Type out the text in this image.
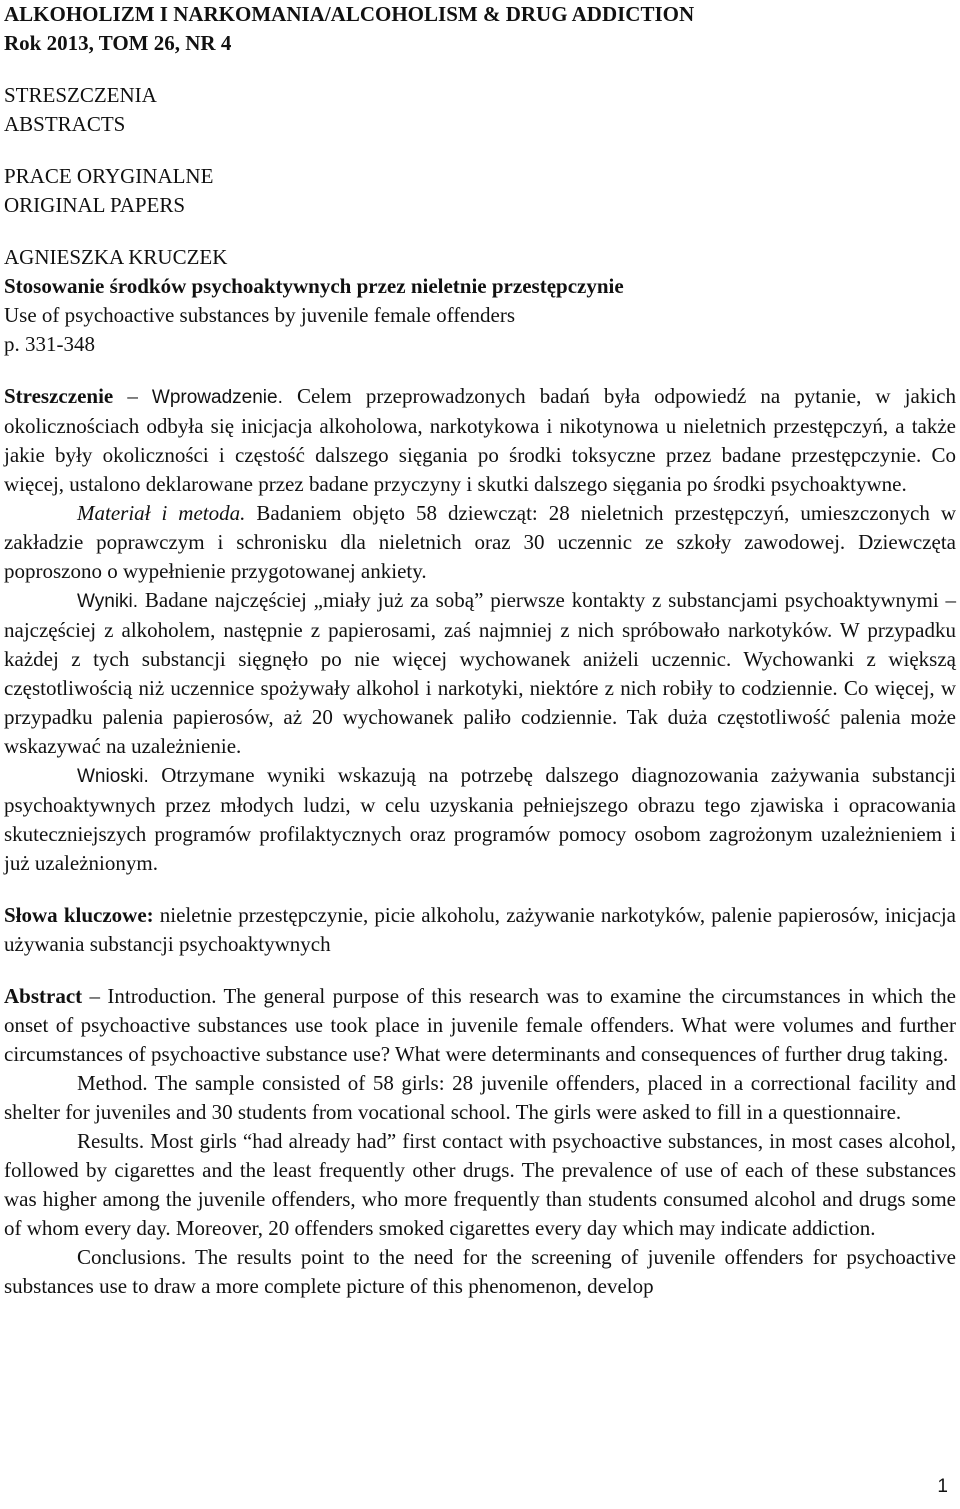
ALKOHOLIZM I NARKOMANIA/ALCOHOLISM & DRUG ADDICTION
Rok 2013, TOM 26, NR 4
STRESZCZENIA
ABSTRACTS
PRACE ORYGINALNE
ORIGINAL PAPERS
AGNIESZKA KRUCZEK
Stosowanie środków psychoaktywnych przez nieletnie przestępczynie
Use of psychoactive substances by juvenile female offenders
p. 331-348

Streszczenie – Wprowadzenie. Celem przeprowadzonych badań była odpowiedź na pytanie, w jakich okolicznościach odbyła się inicjacja alkoholowa, narkotykowa i nikotynowa u nieletnich przestępczyń, a także jakie były okoliczności i częstość dalszego sięgania po środki toksyczne przez badane przestępczynie. Co więcej, ustalono deklarowane przez badane przyczyny i skutki dalszego sięgania po środki psychoaktywne.

Materiał i metoda. Badaniem objęto 58 dziewcząt: 28 nieletnich przestępczyń, umieszczonych w zakładzie poprawczym i schronisku dla nieletnich oraz 30 uczennic ze szkoły zawodowej. Dziewczęta poproszono o wypełnienie przygotowanej ankiety.

Wyniki. Badane najczęściej „miały już za sobą” pierwsze kontakty z substancjami psychoaktywnymi – najczęściej z alkoholem, następnie z papierosami, zaś najmniej z nich spróbowało narkotyków. W przypadku każdej z tych substancji sięgnęło po nie więcej wychowanek aniżeli uczennic. Wychowanki z większą częstotliwością niż uczennice spożywały alkohol i narkotyki, niektóre z nich robiły to codziennie. Co więcej, w przypadku palenia papierosów, aż 20 wychowanek paliło codziennie. Tak duża częstotliwość palenia może wskazywać na uzależnienie.

Wnioski. Otrzymane wyniki wskazują na potrzebę dalszego diagnozowania zażywania substancji psychoaktywnych przez młodych ludzi, w celu uzyskania pełniejszego obrazu tego zjawiska i opracowania skuteczniejszych programów profilaktycznych oraz programów pomocy osobom zagrożonym uzależnieniem i już uzależnionym.

Słowa kluczowe: nieletnie przestępczynie, picie alkoholu, zażywanie narkotyków, palenie papierosów, inicjacja używania substancji psychoaktywnych

Abstract – Introduction. The general purpose of this research was to examine the circumstances in which the onset of psychoactive substances use took place in juvenile female offenders. What were volumes and further circumstances of psychoactive substance use? What were determinants and consequences of further drug taking.

Method. The sample consisted of 58 girls: 28 juvenile offenders, placed in a correctional facility and shelter for juveniles and 30 students from vocational school. The girls were asked to fill in a questionnaire.

Results. Most girls “had already had” first contact with psychoactive substances, in most cases alcohol, followed by cigarettes and the least frequently other drugs. The prevalence of use of each of these substances was higher among the juvenile offenders, who more frequently than students consumed alcohol and drugs some of whom every day. Moreover, 20 offenders smoked cigarettes every day which may indicate addiction.

Conclusions. The results point to the need for the screening of juvenile offenders for psychoactive substances use to draw a more complete picture of this phenomenon, develop

1
